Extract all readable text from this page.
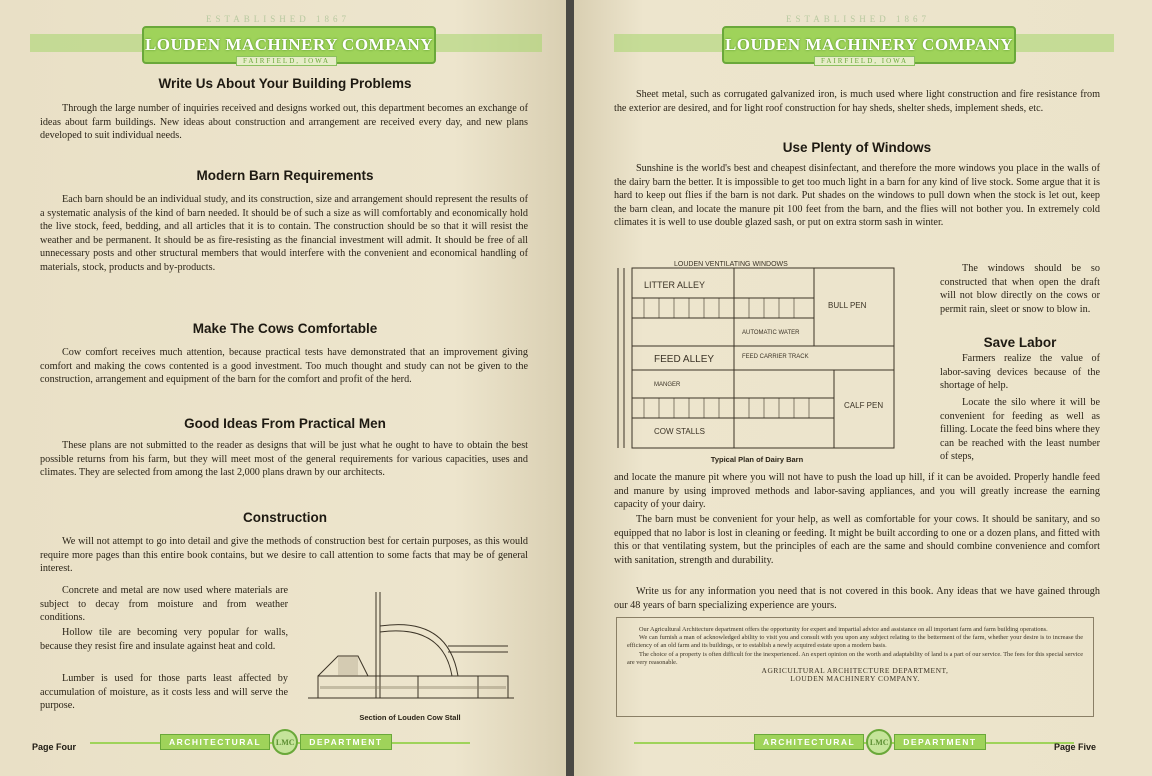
ESTABLISHED 1867
LOUDEN MACHINERY COMPANY
FAIRFIELD, IOWA
Write Us About Your Building Problems

Through the large number of inquiries received and designs worked out, this department becomes an exchange of ideas about farm buildings. New ideas about construction and arrangement are received every day, and new plans developed to suit individual needs.

Modern Barn Requirements

Each barn should be an individual study, and its construction, size and arrangement should represent the results of a systematic analysis of the kind of barn needed. It should be of such a size as will comfortably and economically hold the live stock, feed, bedding, and all articles that it is to contain. The construction should be so that it will resist the weather and be permanent. It should be as fire-resisting as the financial investment will admit. It should be free of all unnecessary posts and other structural members that would interfere with the convenient and economical handling of materials, stock, products and by-products.

Make The Cows Comfortable

Cow comfort receives much attention, because practical tests have demonstrated that an improvement giving comfort and making the cows contented is a good investment. Too much thought and study can not be given to the construction, arrangement and equipment of the barn for the comfort and profit of the herd.

Good Ideas From Practical Men

These plans are not submitted to the reader as designs that will be just what he ought to have to obtain the best possible returns from his farm, but they will meet most of the general requirements for various capacities, uses and climates. They are selected from among the last 2,000 plans drawn by our architects.

Construction

We will not attempt to go into detail and give the methods of construction best for certain purposes, as this would require more pages than this entire book contains, but we desire to call attention to some facts that may be of general interest.

Concrete and metal are now used where materials are subject to decay from moisture and from weather conditions.

Hollow tile are becoming very popular for walls, because they resist fire and insulate against heat and cold.

Lumber is used for those parts least affected by accumulation of moisture, as it costs less and will serve the purpose.

Section of Louden Cow Stall
ARCHITECTURAL	LMC	DEPARTMENT
Page Four
ESTABLISHED 1867
LOUDEN MACHINERY COMPANY
FAIRFIELD, IOWA

Sheet metal, such as corrugated galvanized iron, is much used where light construction and fire resistance from the exterior are desired, and for light roof construction for hay sheds, shelter sheds, implement sheds, etc.

Use Plenty of Windows

Sunshine is the world's best and cheapest disinfectant, and therefore the more windows you place in the walls of the dairy barn the better. It is impossible to get too much light in a barn for any kind of live stock. Some argue that it is hard to keep out flies if the barn is not dark. Put shades on the windows to pull down when the stock is let out, keep the barn clean, and locate the manure pit 100 feet from the barn, and the flies will not bother you. In extremely cold climates it is well to use double glazed sash, or put on extra storm sash in winter.

LOUDEN VENTILATING WINDOWS
LITTER ALLEY
FEED ALLEY
BULL PEN
CALF PEN
COW STALLS
MANGER
FEED CARRIER TRACK
AUTOMATIC WATER
Typical Plan of Dairy Barn

The windows should be so constructed that when open the draft will not blow directly on the cows or permit rain, sleet or snow to blow in.

Save Labor

Farmers realize the value of labor-saving devices because of the shortage of help.

Locate the silo where it will be convenient for feeding as well as filling. Locate the feed bins where they can be reached with the least number of steps,

and locate the manure pit where you will not have to push the load up hill, if it can be avoided. Properly handle feed and manure by using improved methods and labor-saving appliances, and you will greatly increase the earning capacity of your dairy.

The barn must be convenient for your help, as well as comfortable for your cows. It should be sanitary, and so equipped that no labor is lost in cleaning or feeding. It might be built according to one or a dozen plans, and fitted with this or that ventilating system, but the principles of each are the same and should combine convenience and comfort with sanitation, strength and durability.

Write us for any information you need that is not covered in this book. Any ideas that we have gained through our 48 years of barn specializing experience are yours.

Our Agricultural Architecture department offers the opportunity for expert and impartial advice and assistance on all important farm and farm building operations.

We can furnish a man of acknowledged ability to visit you and consult with you upon any subject relating to the betterment of the farm, whether your desire is to increase the efficiency of an old farm and its buildings, or to establish a newly acquired estate upon a modern basis.

The choice of a property is often difficult for the inexperienced. An expert opinion on the worth and adaptability of land is a part of our service. The fees for this special service are very reasonable.

AGRICULTURAL ARCHITECTURE DEPARTMENT,

LOUDEN MACHINERY COMPANY.

ARCHITECTURAL	LMC	DEPARTMENT	Page Five
